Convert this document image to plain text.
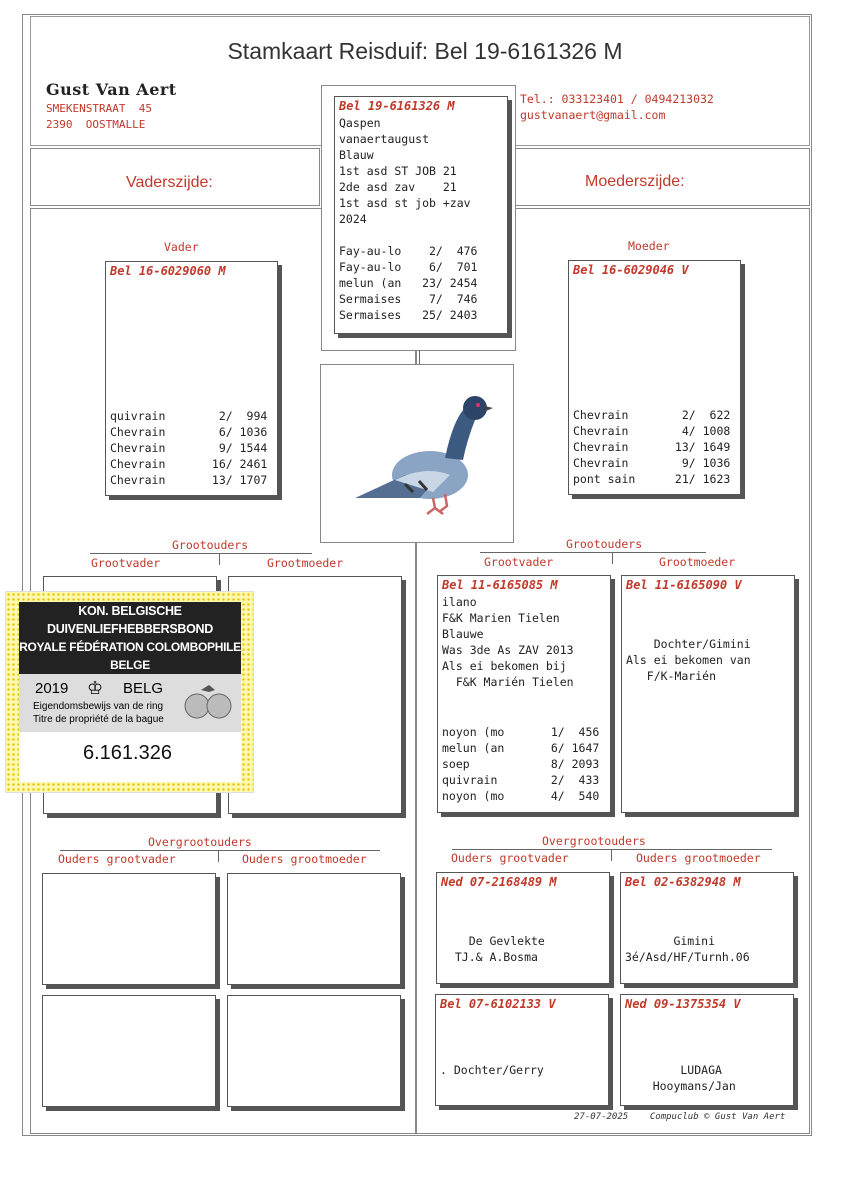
Stamkaart Reisduif: Bel 19-6161326 M
Gust Van Aert
SMEKENSTRAAT  45
2390  OOSTMALLE
Tel.: 033123401 / 0494213032
gustvanaert@gmail.com
Vaderszijde:	Moederszijde:
Bel 19-6161326 M
Qaspen
vanaertaugust
Blauw
1st asd ST JOB 21
2de asd zav    21
1st asd st job +zav
2024
Fay-au-lo    2/  476
Fay-au-lo    6/  701
melun (an   23/ 2454
Sermaises    7/  746
Sermaises   25/ 2403
Vader
Bel 16-6029060 M
quivrain	2/  994
Chevrain	6/ 1036
Chevrain	9/ 1544
Chevrain	16/ 2461
Chevrain	13/ 1707
Moeder
Bel 16-6029046 V
Chevrain	2/  622
Chevrain	4/ 1008
Chevrain	13/ 1649
Chevrain	9/ 1036
pont sain	21/ 1623
Grootouders
Grootvader	Grootmoeder
Grootouders
Grootvader	Grootmoeder
Bel 11-6165085 M
ilano
F&K Marien Tielen
Blauwe
Was 3de As ZAV 2013
Als ei bekomen bij
F&K Marién Tielen
noyon (mo	1/  456
melun (an	6/ 1647
soep	8/ 2093
quivrain	2/  433
noyon (mo	4/  540
Bel 11-6165090 V
Dochter/Gimini
Als ei bekomen van
F/K-Marién
Overgrootouders
Ouders grootvader	Ouders grootmoeder
Overgrootouders
Ouders grootvader	Ouders grootmoeder
Ned 07-2168489 M
De Gevlekte
TJ.& A.Bosma
Bel 02-6382948 M
Gimini
3é/Asd/HF/Turnh.06
Bel 07-6102133 V
. Dochter/Gerry
Ned 09-1375354 V
LUDAGA
Hooymans/Jan
27-07-2025 Compuclub © Gust Van Aert
KON. BELGISCHE DUIVENLIEFHEBBERSBOND
ROYALE FÉDÉRATION COLOMBOPHILE BELGE
2019 ♔ BELG
Eigendomsbewijs van de ring
Titre de propriété de la bague
6.161.326
